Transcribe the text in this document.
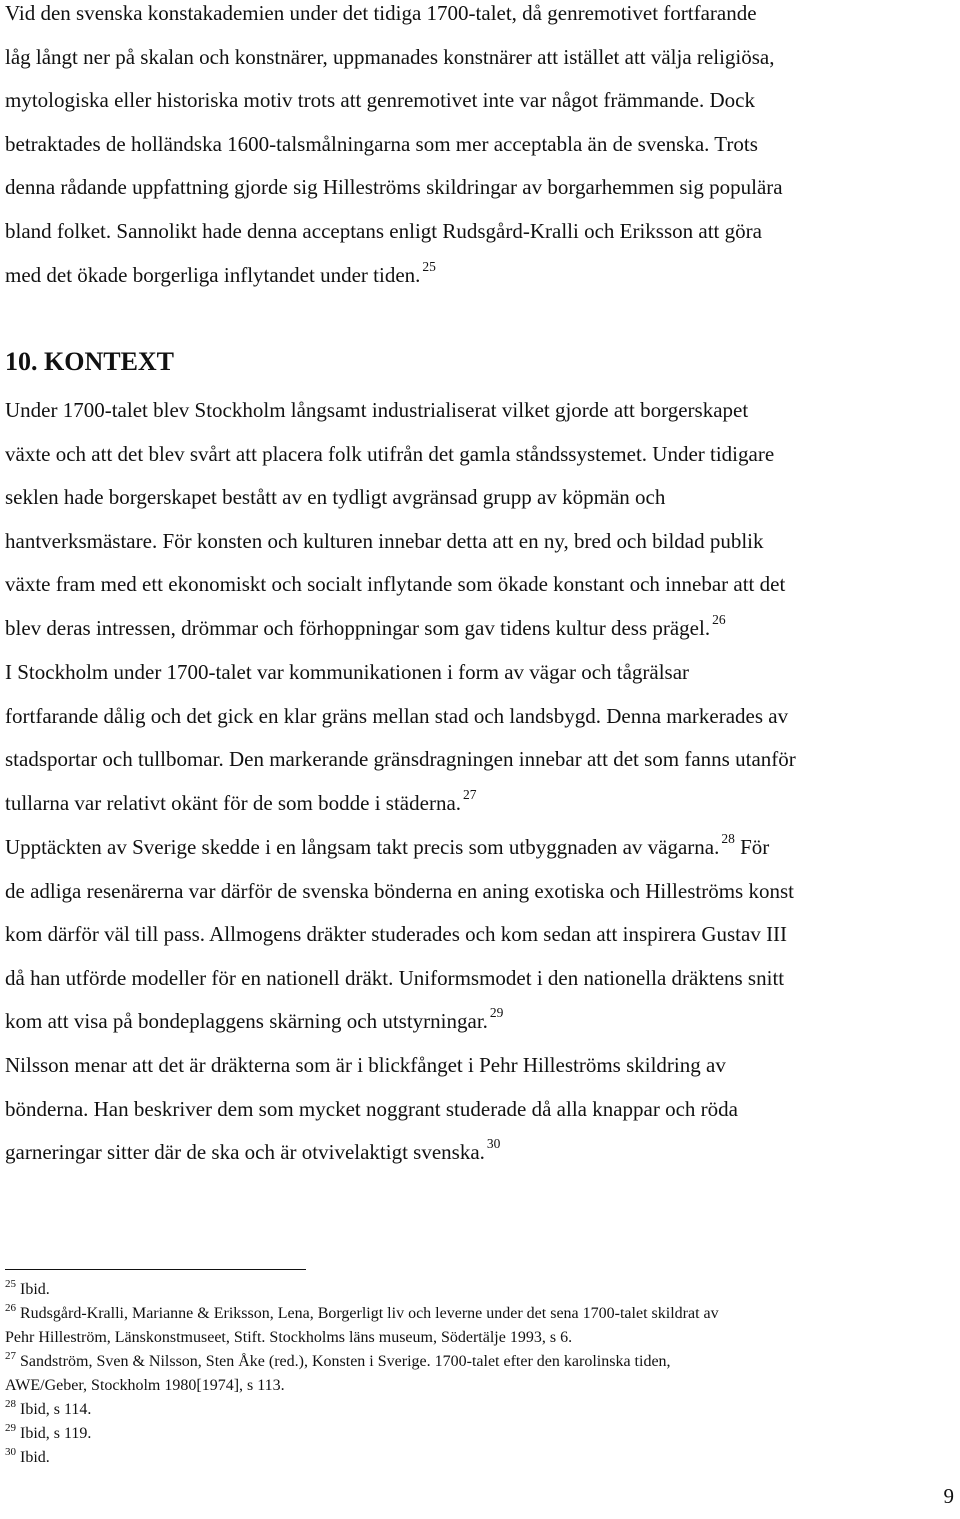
Vid den svenska konstakademien under det tidiga 1700-talet, då genremotivet fortfarande
låg långt ner på skalan och konstnärer, uppmanades konstnärer att istället att välja religiösa,
mytologiska eller historiska motiv trots att genremotivet inte var något främmande. Dock
betraktades de holländska 1600-talsmålningarna som mer acceptabla än de svenska. Trots
denna rådande uppfattning gjorde sig Hilleströms skildringar av borgarhemmen sig populära
bland folket. Sannolikt hade denna acceptans enligt Rudsgård-Kralli och Eriksson att göra
med det ökade borgerliga inflytandet under tiden. $^{25}$

10. KONTEXT

Under 1700-talet blev Stockholm långsamt industrialiserat vilket gjorde att borgerskapet
växte och att det blev svårt att placera folk utifrån det gamla ståndssystemet. Under tidigare
seklen hade borgerskapet bestått av en tydligt avgränsad grupp av köpmän och
hantverksmästare. För konsten och kulturen innebar detta att en ny, bred och bildad publik
växte fram med ett ekonomiskt och socialt inflytande som ökade konstant och innebar att det
blev deras intressen, drömmar och förhoppningar som gav tidens kultur dess prägel. $^{26}$

I Stockholm under 1700-talet var kommunikationen i form av vägar och tågrälsar
fortfarande dålig och det gick en klar gräns mellan stad och landsbygd. Denna markerades av
stadsportar och tullbomar. Den markerande gränsdragningen innebar att det som fanns utanför
tullarna var relativt okänt för de som bodde i städerna. $^{27}$

Upptäckten av Sverige skedde i en långsam takt precis som utbyggnaden av vägarna. $^{28}$ För
de adliga resenärerna var därför de svenska bönderna en aning exotiska och Hilleströms konst
kom därför väl till pass. Allmogens dräkter studerades och kom sedan att inspirera Gustav III
då han utförde modeller för en nationell dräkt. Uniformsmodet i den nationella dräktens snitt
kom att visa på bondeplaggens skärning och utstyrningar. $^{29}$

Nilsson menar att det är dräkterna som är i blickfånget i Pehr Hilleströms skildring av
bönderna. Han beskriver dem som mycket noggrant studerade då alla knappar och röda
garneringar sitter där de ska och är otvivelaktigt svenska. $^{30}$

$^{25}$ Ibid.

$^{26}$ Rudsgård-Kralli, Marianne & Eriksson, Lena, Borgerligt liv och leverne under det sena 1700-talet skildrat av
Pehr Hilleström, Länskonstmuseet, Stift. Stockholms läns museum, Södertälje 1993, s 6.

$^{27}$ Sandström, Sven & Nilsson, Sten Åke (red.), Konsten i Sverige. 1700-talet efter den karolinska tiden,
AWE/Geber, Stockholm 1980[1974], s 113.

$^{28}$ Ibid, s 114.

$^{29}$ Ibid, s 119.

$^{30}$ Ibid.

9
